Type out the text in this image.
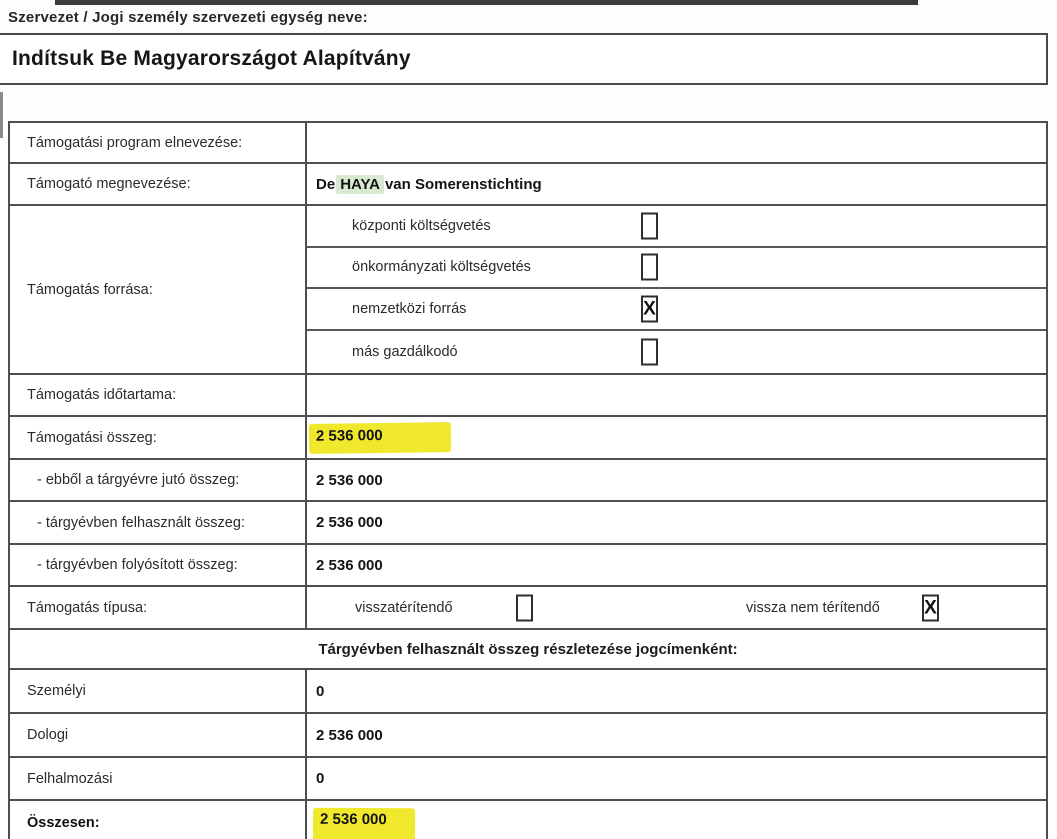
Szervezet / Jogi személy szervezeti egység neve:
Indítsuk Be Magyarországot Alapítvány
Támogatási program elnevezése:
Támogató megnevezése:	De HAYA van Somerenstichting
Támogatás forrása:
központi költségvetés
önkormányzati költségvetés
nemzetközi forrás	X
más gazdálkodó
Támogatás időtartama:
Támogatási összeg:	2 536 000
- ebből a tárgyévre jutó összeg:	2 536 000
- tárgyévben felhasznált összeg:	2 536 000
- tárgyévben folyósított összeg:	2 536 000
Támogatás típusa:	visszatérítendő	vissza nem térítendő X
Tárgyévben felhasznált összeg részletezése jogcímenként:
Személyi	0
Dologi	2 536 000
Felhalmozási	0
Összesen:	2 536 000
